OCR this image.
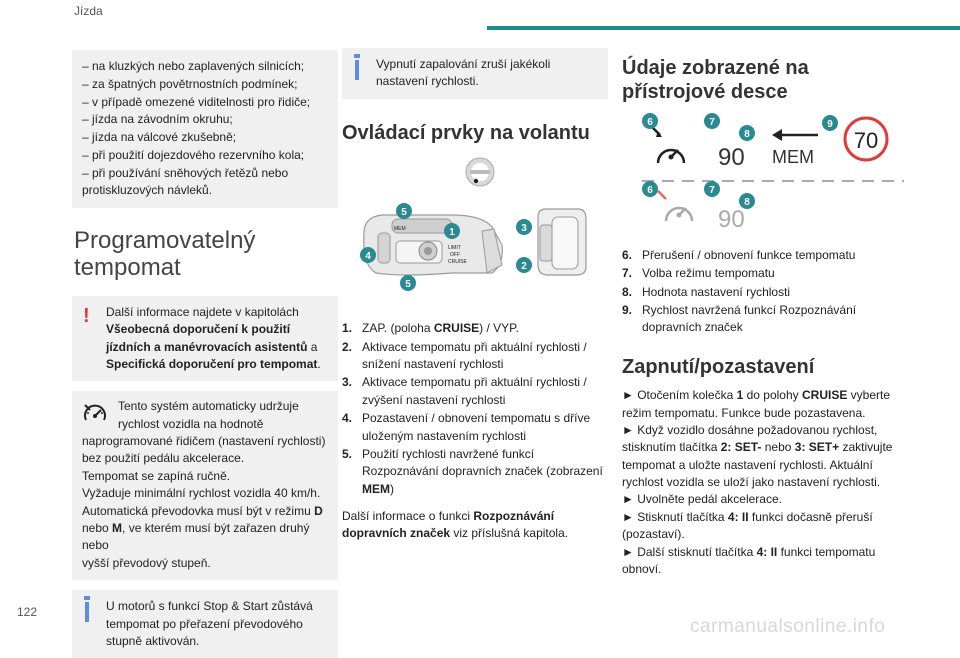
Jízda
– na kluzkých nebo zaplavených silnicích;
– za špatných povětrnostních podmínek;
– v případě omezené viditelnosti pro řidiče;
– jízda na závodním okruhu;
– jízda na válcové zkušebně;
– při použití dojezdového rezervního kola;
– při používání sněhových řetězů nebo
protiskluzových návleků.
Programovatelný
tempomat
! Další informace najdete v kapitolách Všeobecná doporučení k použití jízdních a manévrovacích asistentů a Specifická doporučení pro tempomat.
Tento systém automaticky udržuje
rychlost vozidla na hodnotě
naprogramované řidičem (nastavení rychlosti)
bez použití pedálu akcelerace.
Tempomat se zapíná ručně.
Vyžaduje minimální rychlost vozidla 40 km/h.
Automatická převodovka musí být v režimu D
nebo M, ve kterém musí být zařazen druhý nebo
vyšší převodový stupeň.
U motorů s funkcí Stop & Start zůstává tempomat po přeřazení převodového stupně aktivován.
Vypnutí zapalování zruší jakékoli nastavení rychlosti.
Ovládací prvky na volantu
MEM
LIMIT
OFF
CRUISE
1
2
3
4
5
5
1. ZAP. (poloha CRUISE) / VYP.
2. Aktivace tempomatu při aktuální rychlosti / snížení nastavení rychlosti
3. Aktivace tempomatu při aktuální rychlosti / zvýšení nastavení rychlosti
4. Pozastavení / obnovení tempomatu s dříve uloženým nastavením rychlosti
5. Použití rychlosti navržené funkcí Rozpoznávání dopravních značek (zobrazení MEM)
Další informace o funkci Rozpoznávání dopravních značek viz příslušná kapitola.
Údaje zobrazené na
přístrojové desce
90 MEM
70
6	7
8
9
90
6	7
8
6. Přerušení / obnovení funkce tempomatu
7. Volba režimu tempomatu
8. Hodnota nastavení rychlosti
9. Rychlost navržená funkcí Rozpoznávání dopravních značek
Zapnutí/pozastavení
► Otočením kolečka 1 do polohy CRUISE vyberte režim tempomatu. Funkce bude pozastavena.
► Když vozidlo dosáhne požadovanou rychlost, stisknutím tlačítka 2: SET- nebo 3: SET+ zaktivujte tempomat a uložte nastavení rychlosti. Aktuální rychlost vozidla se uloží jako nastavení rychlosti.
► Uvolněte pedál akcelerace.
► Stisknutí tlačítka 4: II funkci dočasně přeruší (pozastaví).
► Další stisknutí tlačítka 4: II funkci tempomatu obnoví.
122
carmanualsonline.info
